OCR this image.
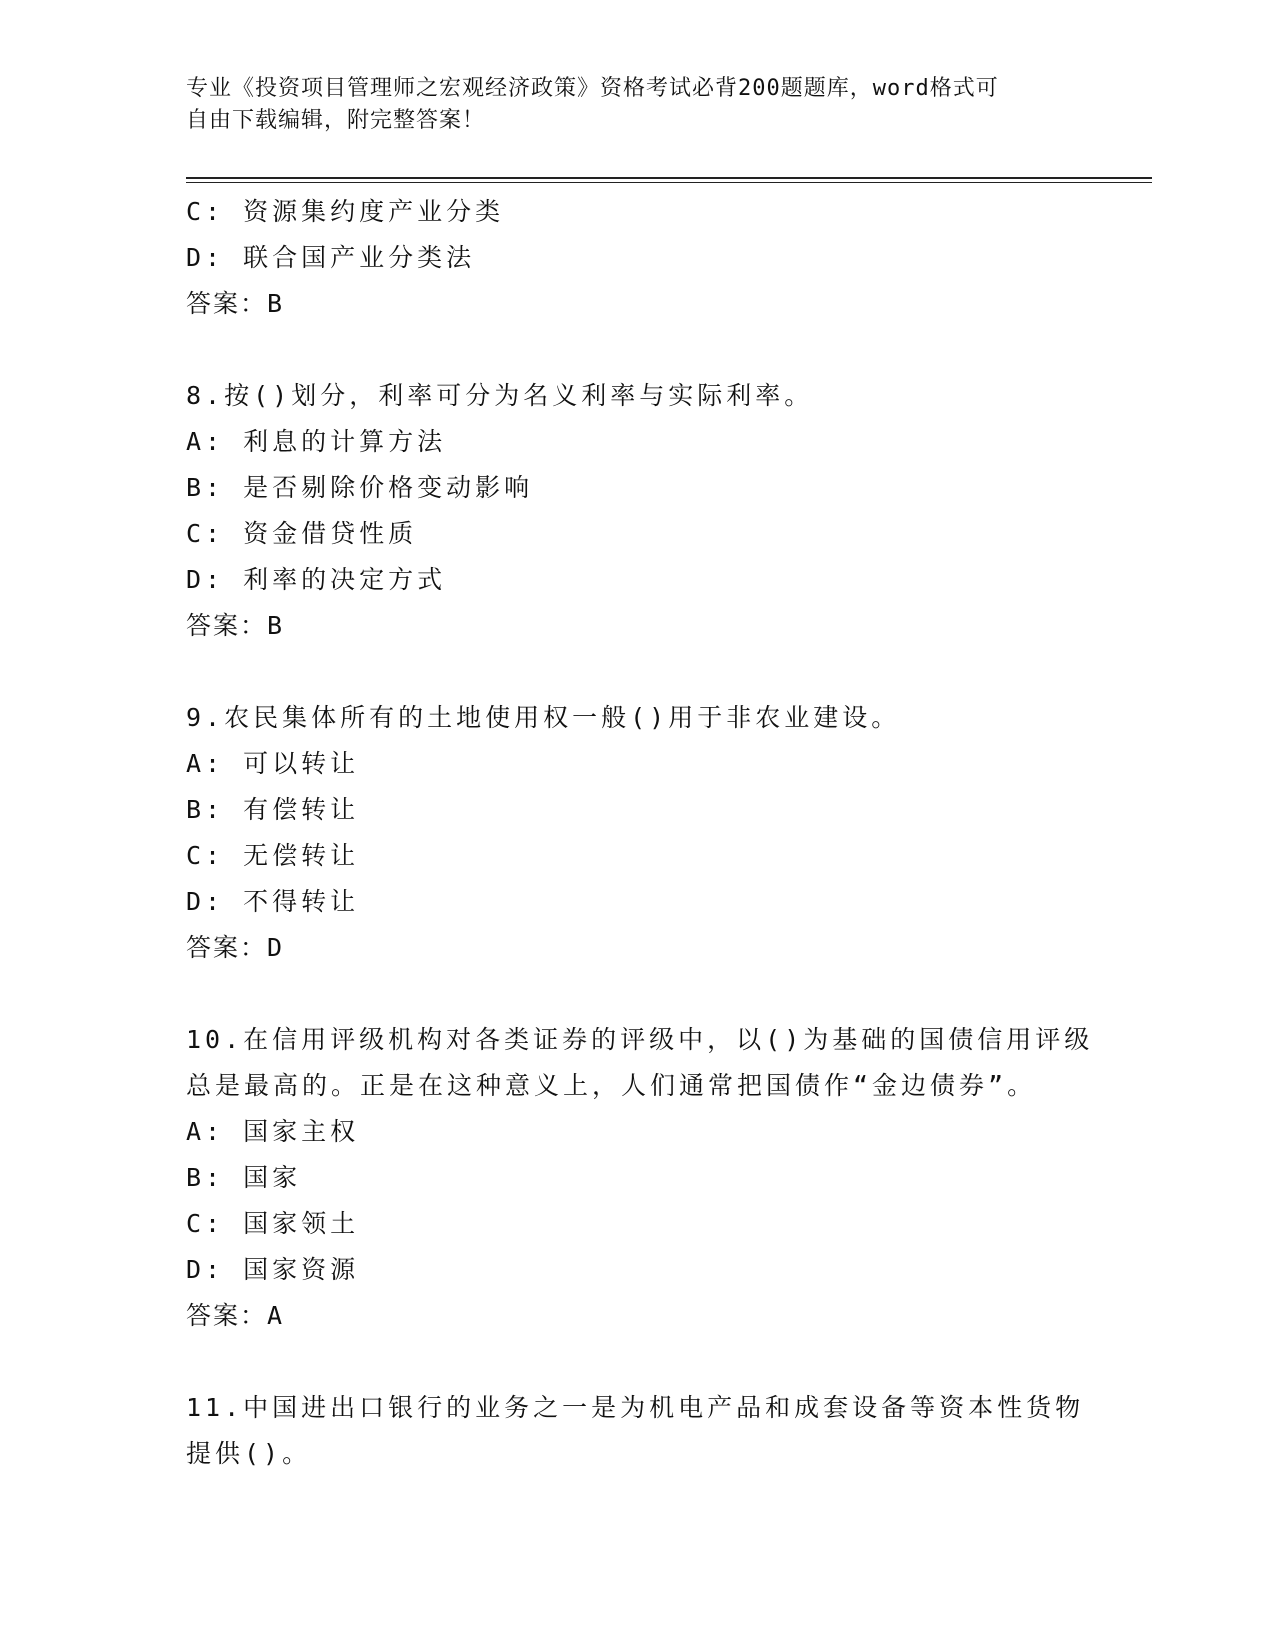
专业《投资项目管理师之宏观经济政策》资格考试必背200题题库，word格式可
自由下载编辑，附完整答案！
C: 资源集约度产业分类
D: 联合国产业分类法
答案：B
8.按()划分，利率可分为名义利率与实际利率。
A: 利息的计算方法
B: 是否剔除价格变动影响
C: 资金借贷性质
D: 利率的决定方式
答案：B
9.农民集体所有的土地使用权一般()用于非农业建设。
A: 可以转让
B: 有偿转让
C: 无偿转让
D: 不得转让
答案：D
10.在信用评级机构对各类证券的评级中，以()为基础的国债信用评级
总是最高的。正是在这种意义上，人们通常把国债作“金边债券”。
A: 国家主权
B: 国家
C: 国家领土
D: 国家资源
答案：A
11.中国进出口银行的业务之一是为机电产品和成套设备等资本性货物
提供()。
